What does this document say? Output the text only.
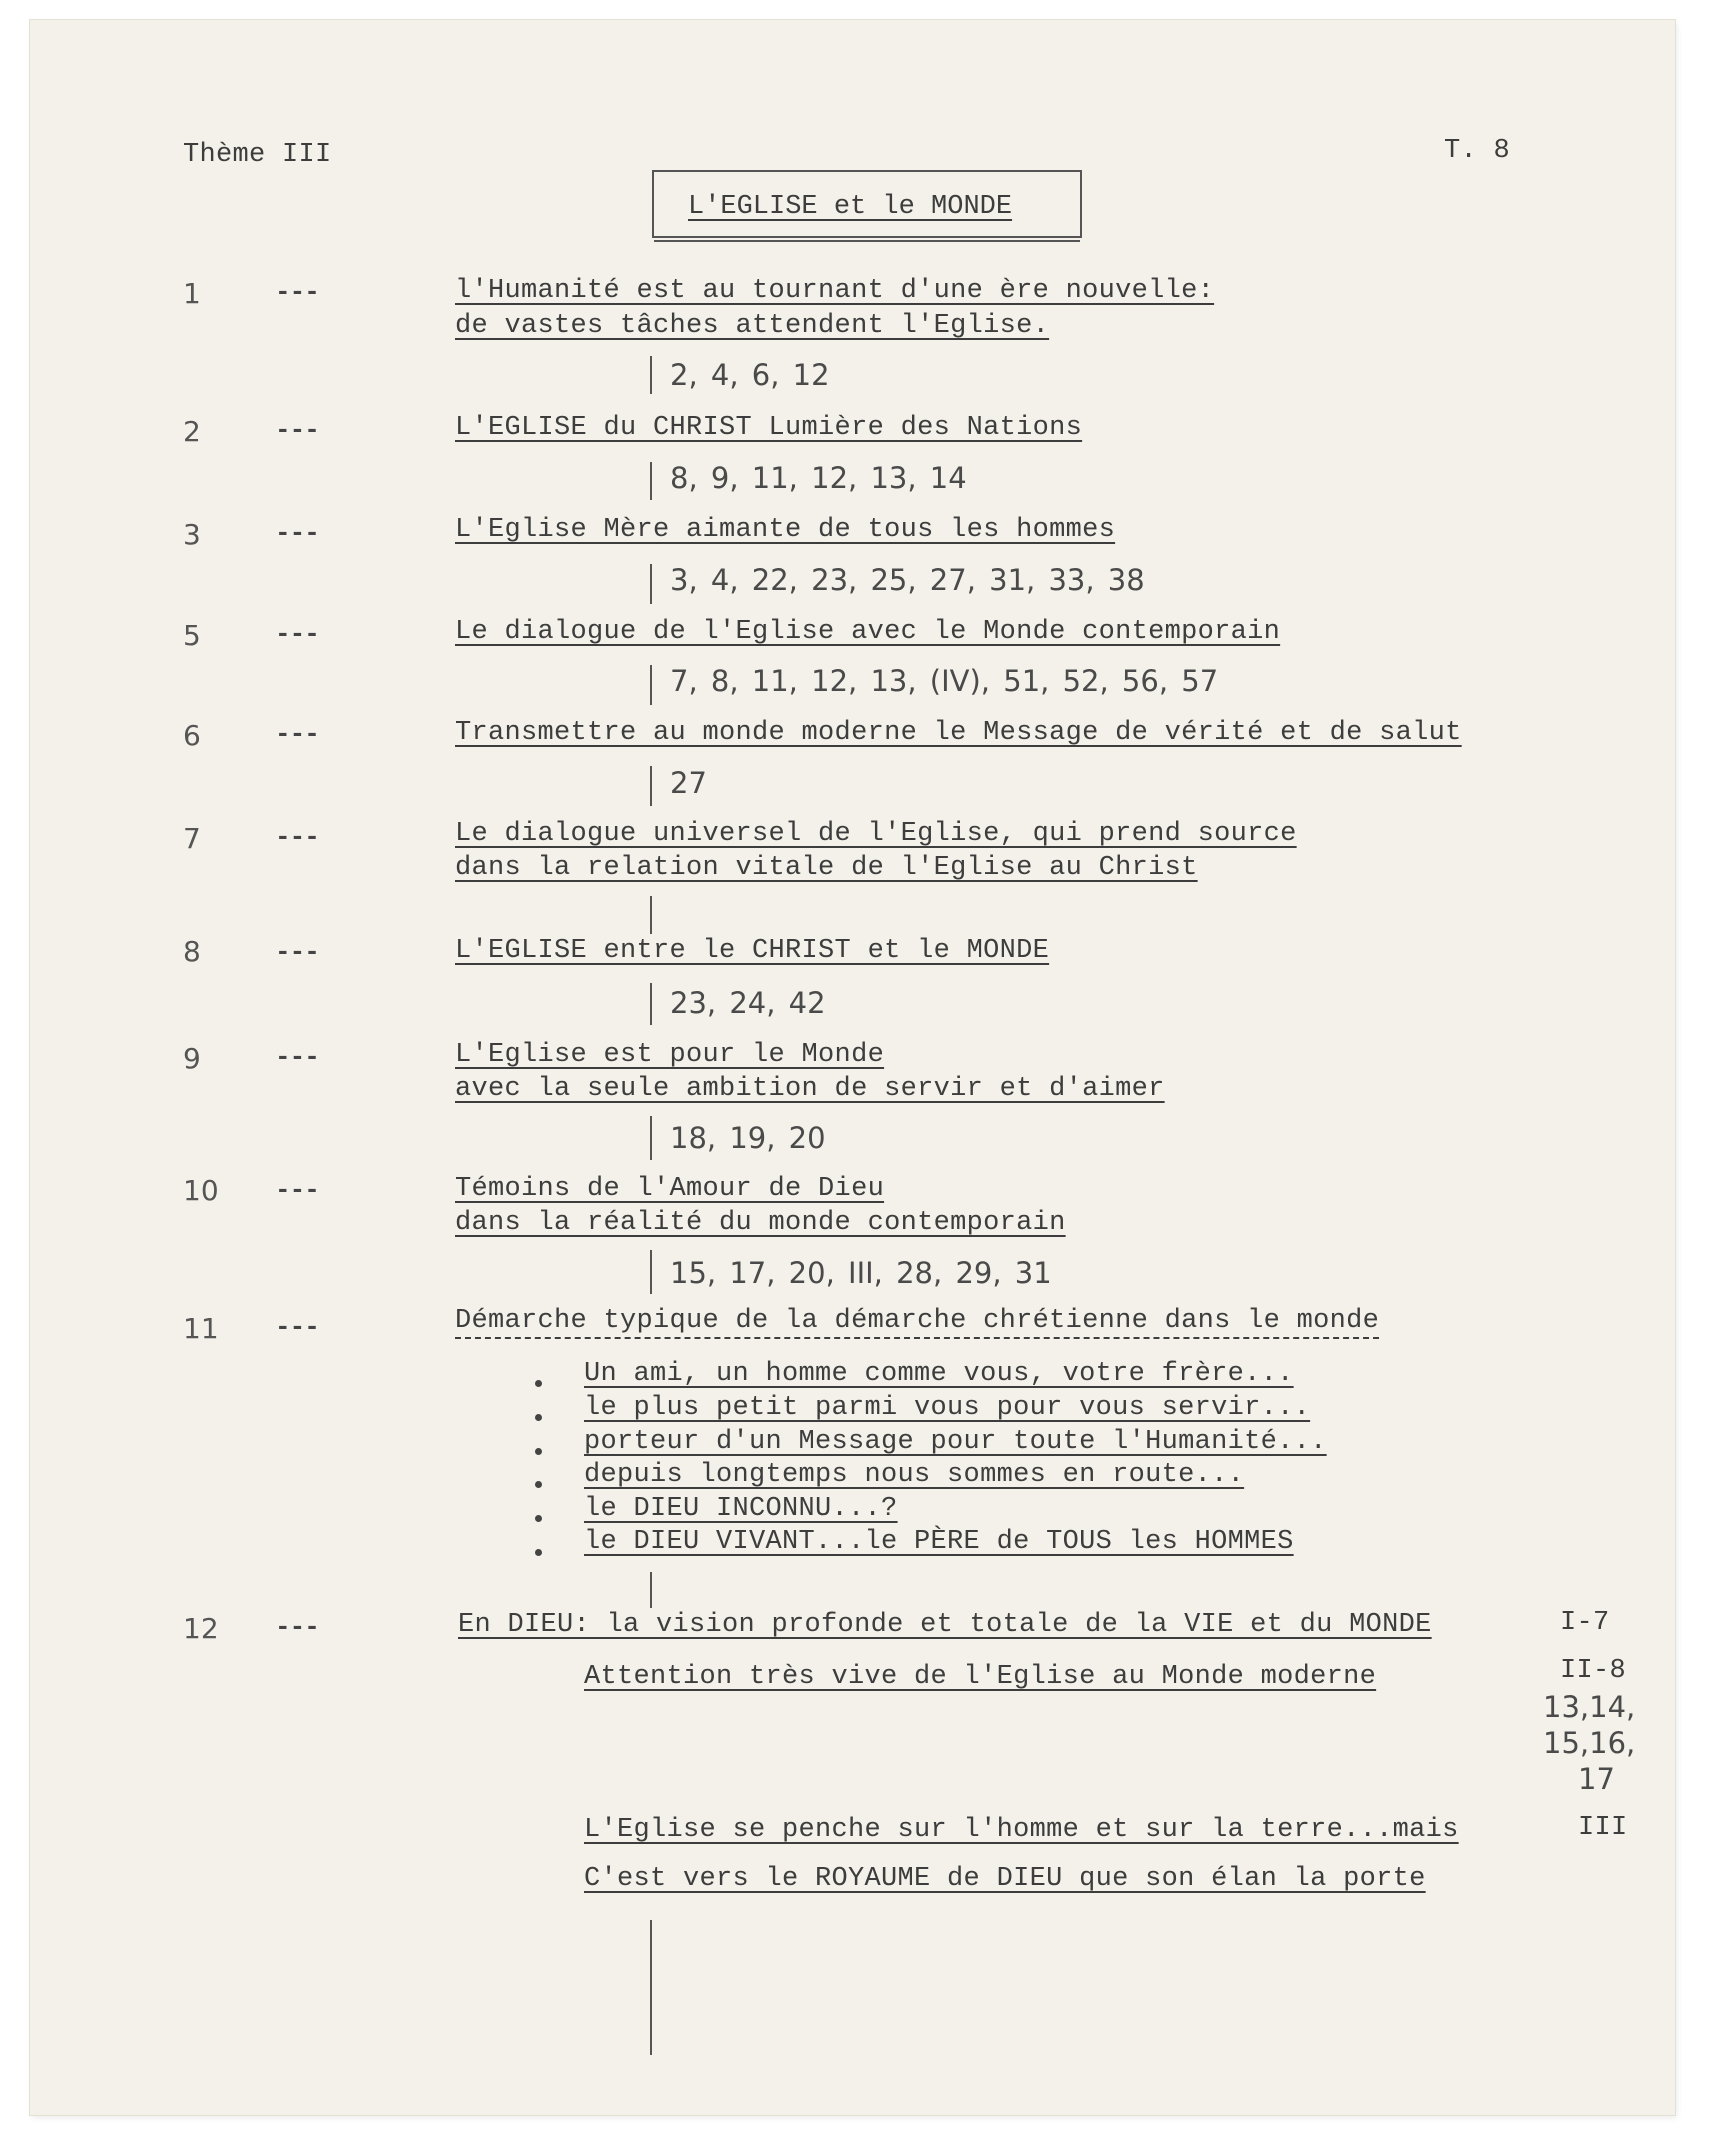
Thème III	T. 8
L'EGLISE et le MONDE
1	---	l'Humanité est au tournant d'une ère nouvelle:
de vastes tâches attendent l'Eglise.
2, 4, 6, 12
2	---	L'EGLISE du CHRIST Lumière des Nations
8, 9, 11, 12, 13, 14
3	---	L'Eglise Mère aimante de tous les hommes
3, 4, 22, 23, 25, 27, 31, 33, 38
5	---	Le dialogue de l'Eglise avec le Monde contemporain
7, 8, 11, 12, 13, (IV), 51, 52, 56, 57
6	---	Transmettre au monde moderne le Message de vérité et de salut
27
7	---	Le dialogue universel de l'Eglise, qui prend source
dans la relation vitale de l'Eglise au Christ
8	---	L'EGLISE entre le CHRIST et le MONDE
23, 24, 42
9	---	L'Eglise est pour le Monde
avec la seule ambition de servir et d'aimer
18, 19, 20
10 ---	Témoins de l'Amour de Dieu
dans la réalité du monde contemporain
15, 17, 20, III, 28, 29, 31
11 ---	Démarche typique de la démarche chrétienne dans le monde
Un ami, un homme comme vous, votre frère...
le plus petit parmi vous pour vous servir...
porteur d'un Message pour toute l'Humanité...
depuis longtemps nous sommes en route...
le DIEU INCONNU...?
le DIEU VIVANT...le PÈRE de TOUS les HOMMES
12 ---	En DIEU: la vision profonde et totale de la VIE et du MONDE	I-7
Attention très vive de l'Eglise au Monde moderne	II-8
13,14,
15,16,
17
L'Eglise se penche sur l'homme et sur la terre...mais	III
C'est vers le ROYAUME de DIEU que son élan la porte
